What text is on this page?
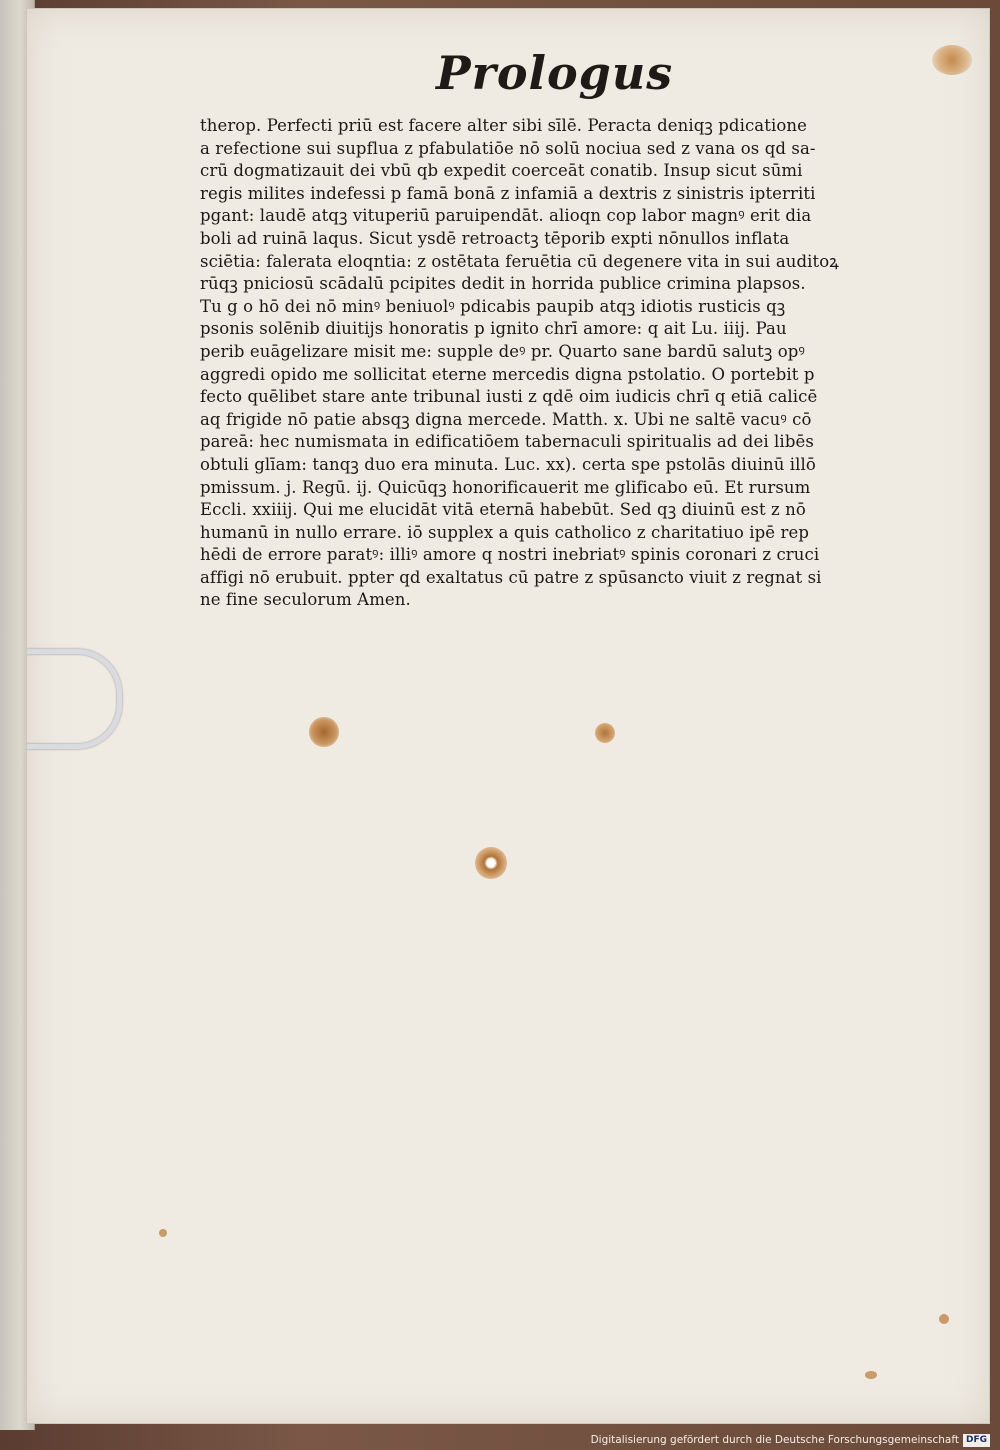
Prologus
therop. Perfecti priū est facere alter sibi sīlē. Peracta deniqꝫ pdicatione
a refectione sui supflua z pfabulatiōe nō solū nociua sed z vana os qd sa-
crū dogmatizauit dei vbū qb expedit coerceāt conatib. Insup sicut sūmi
regis milites indefessi p famā bonā z infamiā a dextris z sinistris ipterriti
pgant: laudē atqꝫ vituperiū paruipendāt. alioqn cop labor magnꝰ erit dia
boli ad ruinā laqus. Sicut ysdē retroactꝫ tēporib expti nōnullos inflata
sciētia: falerata eloqntia: z ostētata feruētia cū degenere vita in sui auditoꝝ
rūqꝫ pniciosū scādalū pcipites dedit in horrida publice crimina plapsos.
Tu g o hō dei nō minꝰ beniuolꝰ pdicabis paupib atqꝫ idiotis rusticis qꝫ
psonis solēnib diuitijs honoratis p ignito chrī amore: q ait Lu. iiij. Pau
perib euāgelizare misit me: supple deꝰ pr. Quarto sane bardū salutꝫ opꝰ
aggredi opido me sollicitat eterne mercedis digna pstolatio. O portebit p
fecto quēlibet stare ante tribunal iusti z qdē oim iudicis chrī q etiā calicē
aq frigide nō patie absqꝫ digna mercede. Matth. x. Ubi ne saltē vacuꝰ cō
pareā: hec numismata in edificatiōem tabernaculi spiritualis ad dei libēs
obtuli glīam: tanqꝫ duo era minuta. Luc. xx). certa spe pstolās diuinū illō
pmissum. j. Regū. ij. Quicūqꝫ honorificauerit me glificabo eū. Et rursum
Eccli. xxiiij. Qui me elucidāt vitā eternā habebūt. Sed qꝫ diuinū est z nō
humanū in nullo errare. iō supplex a quis catholico z charitatiuo ipē rep
hēdi de errore paratꝰ: illiꝰ amore q nostri inebriatꝰ spinis coronari z cruci
affigi nō erubuit. ppter qd exaltatus cū patre z spūsancto viuit z regnat si
ne fine seculorum Amen.
Digitalisierung gefördert durch die Deutsche Forschungsgemeinschaft DFG
